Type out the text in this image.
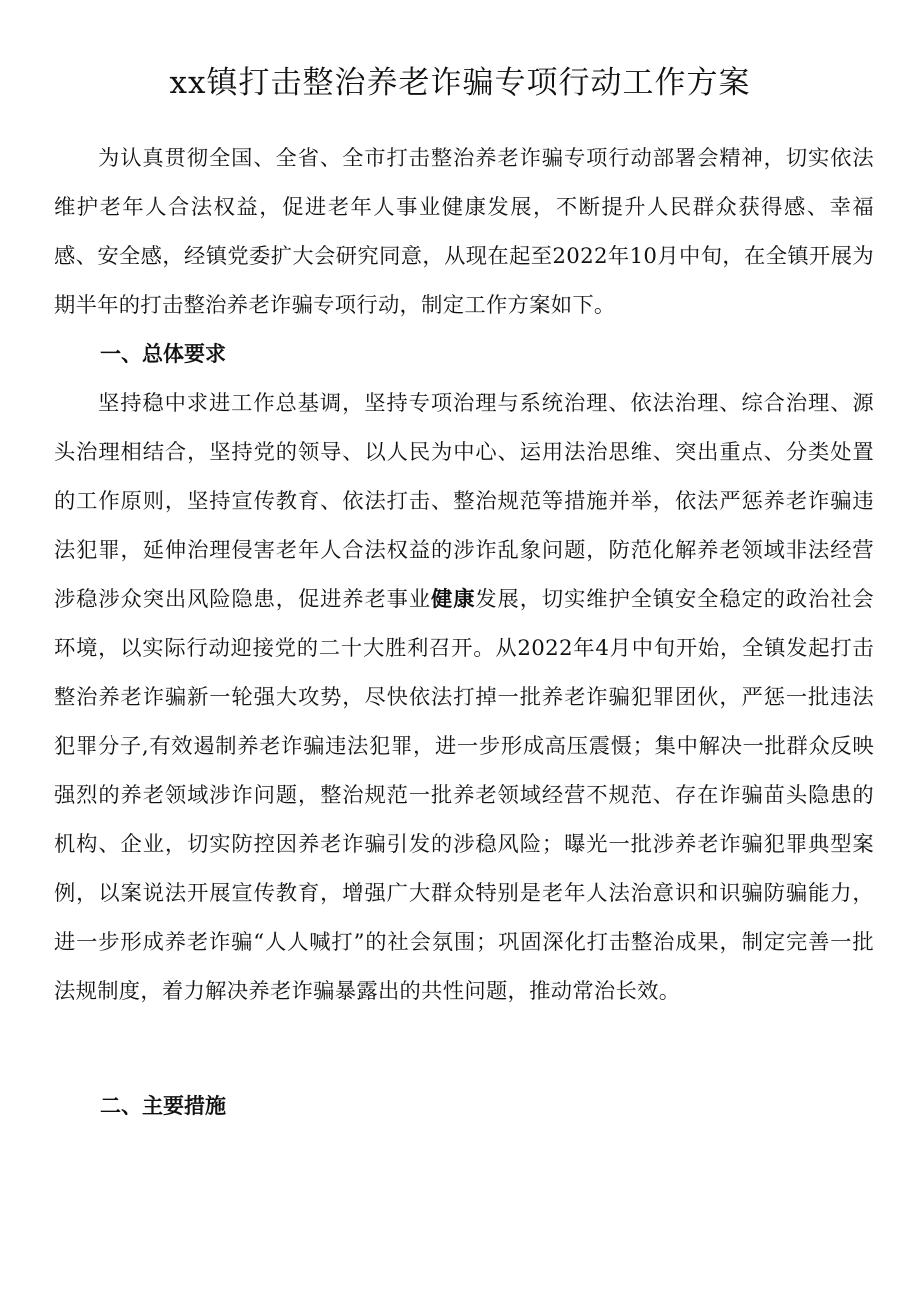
xx镇打击整治养老诈骗专项行动工作方案

为认真贯彻全国、全省、全市打击整治养老诈骗专项行动部署会精神，切实依法维护老年人合法权益，促进老年人事业健康发展，不断提升人民群众获得感、幸福感、安全感，经镇党委扩大会研究同意，从现在起至2022年10月中旬，在全镇开展为期半年的打击整治养老诈骗专项行动，制定工作方案如下。

一、总体要求

坚持稳中求进工作总基调，坚持专项治理与系统治理、依法治理、综合治理、源头治理相结合，坚持党的领导、以人民为中心、运用法治思维、突出重点、分类处置的工作原则，坚持宣传教育、依法打击、整治规范等措施并举，依法严惩养老诈骗违法犯罪，延伸治理侵害老年人合法权益的涉诈乱象问题，防范化解养老领域非法经营涉稳涉众突出风险隐患，促进养老事业健康发展，切实维护全镇安全稳定的政治社会环境，以实际行动迎接党的二十大胜利召开。从2022年4月中旬开始，全镇发起打击整治养老诈骗新一轮强大攻势，尽快依法打掉一批养老诈骗犯罪团伙，严惩一批违法犯罪分子,有效遏制养老诈骗违法犯罪，进一步形成高压震慑；集中解决一批群众反映强烈的养老领域涉诈问题，整治规范一批养老领域经营不规范、存在诈骗苗头隐患的机构、企业，切实防控因养老诈骗引发的涉稳风险；曝光一批涉养老诈骗犯罪典型案例，以案说法开展宣传教育，增强广大群众特别是老年人法治意识和识骗防骗能力，进一步形成养老诈骗“人人喊打”的社会氛围；巩固深化打击整治成果，制定完善一批法规制度，着力解决养老诈骗暴露出的共性问题，推动常治长效。

二、主要措施
